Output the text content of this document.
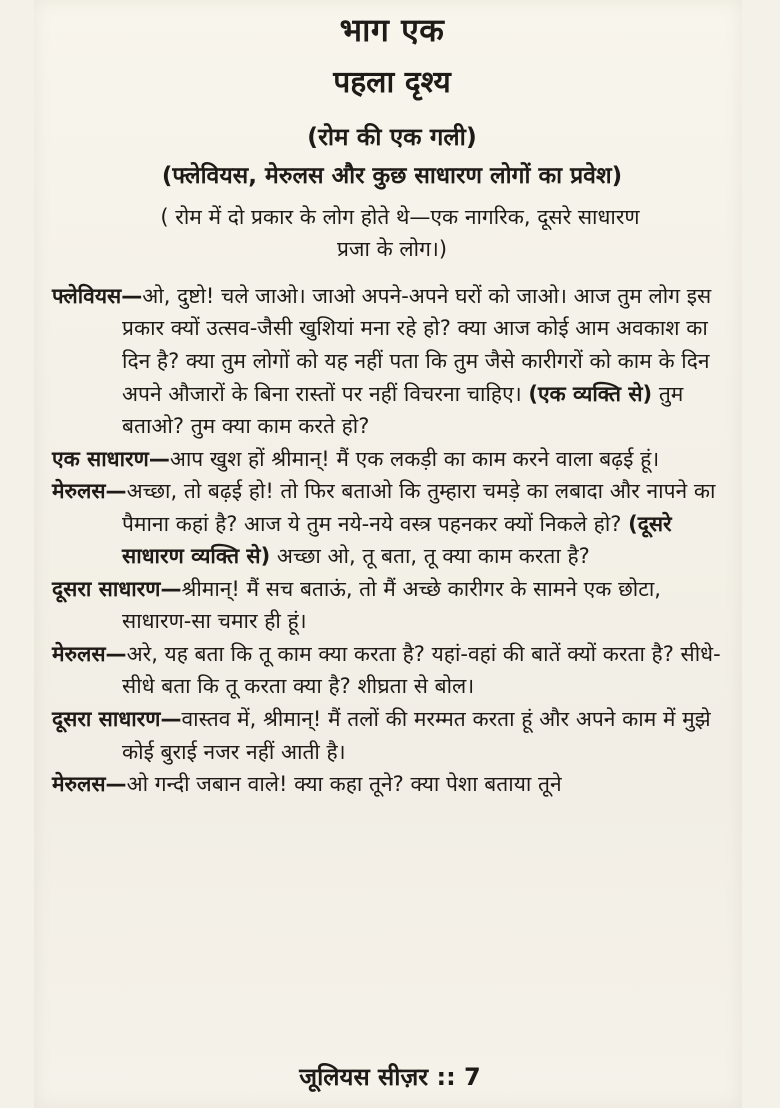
भाग एक
पहला दृश्य
(रोम की एक गली)
(फ्लेवियस, मेरुलस और कुछ साधारण लोगों का प्रवेश)
( रोम में दो प्रकार के लोग होते थे—एक नागरिक, दूसरे साधारण
प्रजा के लोग।)

फ्लेवियस—ओ, दुष्टो! चले जाओ। जाओ अपने-अपने घरों को जाओ। आज तुम लोग इस प्रकार क्यों उत्सव-जैसी खुशियां मना रहे हो? क्या आज कोई आम अवकाश का दिन है? क्या तुम लोगों को यह नहीं पता कि तुम जैसे कारीगरों को काम के दिन अपने औजारों के बिना रास्तों पर नहीं विचरना चाहिए। (एक व्यक्ति से) तुम बताओ? तुम क्या काम करते हो?

एक साधारण—आप खुश हों श्रीमान्! मैं एक लकड़ी का काम करने वाला बढ़ई हूं।

मेरुलस—अच्छा, तो बढ़ई हो! तो फिर बताओ कि तुम्हारा चमड़े का लबादा और नापने का पैमाना कहां है? आज ये तुम नये-नये वस्त्र पहनकर क्यों निकले हो? (दूसरे साधारण व्यक्ति से) अच्छा ओ, तू बता, तू क्या काम करता है?

दूसरा साधारण—श्रीमान्! मैं सच बताऊं, तो मैं अच्छे कारीगर के सामने एक छोटा, साधारण-सा चमार ही हूं।

मेरुलस—अरे, यह बता कि तू काम क्या करता है? यहां-वहां की बातें क्यों करता है? सीधे-सीधे बता कि तू करता क्या है? शीघ्रता से बोल।

दूसरा साधारण—वास्तव में, श्रीमान्! मैं तलों की मरम्मत करता हूं और अपने काम में मुझे कोई बुराई नजर नहीं आती है।

मेरुलस—ओ गन्दी जबान वाले! क्या कहा तूने? क्या पेशा बताया तूने

जूलियस सीज़र :: 7
